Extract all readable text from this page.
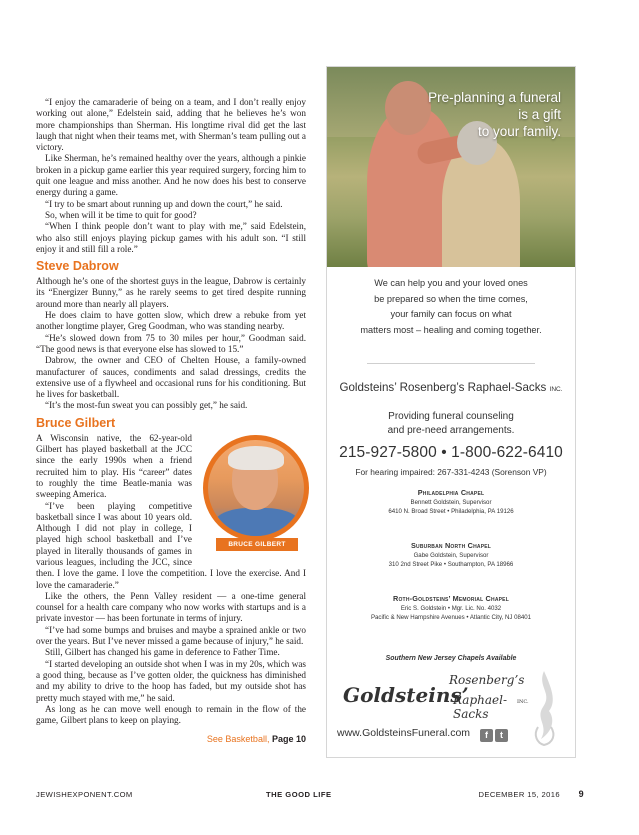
“I enjoy the camaraderie of being on a team, and I don’t really enjoy working out alone,” Edelstein said, adding that he believes he’s won more championships than Sherman. His longtime rival did get the last laugh that night when their teams met, with Sherman’s team pulling out a victory.

Like Sherman, he’s remained healthy over the years, although a pinkie broken in a pickup game earlier this year required surgery, forcing him to quit one league and miss another. And he now does his best to conserve energy during a game.

“I try to be smart about running up and down the court,” he said.

So, when will it be time to quit for good?

“When I think people don’t want to play with me,” said Edelstein, who also still enjoys playing pickup games with his adult son. “I still enjoy it and still fill a role.”

Steve Dabrow

Although he’s one of the shortest guys in the league, Dabrow is certainly its “Energizer Bunny,” as he rarely seems to get tired despite running around more than nearly all players.

He does claim to have gotten slow, which drew a rebuke from yet another longtime player, Greg Goodman, who was standing nearby.

“He’s slowed down from 75 to 30 miles per hour,” Goodman said. “The good news is that everyone else has slowed to 15.”

Dabrow, the owner and CEO of Chelten House, a family-owned manufacturer of sauces, condiments and salad dressings, credits the extensive use of a flywheel and occasional runs for his conditioning. But he lives for basketball.

“It’s the most-fun sweat you can possibly get,” he said.

Bruce Gilbert
BRUCE GILBERT

A Wisconsin native, the 62-year-old Gilbert has played basketball at the JCC since the early 1990s when a friend recruited him to play. His “career” dates to roughly the time Beatle-mania was sweeping America.

“I’ve been playing competitive basketball since I was about 10 years old. Although I did not play in college, I played high school basketball and I’ve played in literally thousands of games in various leagues, including the JCC, since then. I love the game. I love the competition. I love the exercise. And I love the camaraderie.”

Like the others, the Penn Valley resident — a one-time general counsel for a health care company who now works with startups and is a private investor — has been fortunate in terms of injury.

“I’ve had some bumps and bruises and maybe a sprained ankle or two over the years. But I’ve never missed a game because of injury,” he said.

Still, Gilbert has changed his game in deference to Father Time.

“I started developing an outside shot when I was in my 20s, which was a good thing, because as I’ve gotten older, the quickness has diminished and my ability to drive to the hoop has faded, but my outside shot has pretty much stayed with me,” he said.

As long as he can move well enough to remain in the flow of the game, Gilbert plans to keep on playing.

See Basketball, Page 10
Pre-planning a funeral
is a gift
to your family.
We can help you and your loved ones
be prepared so when the time comes,
your family can focus on what
matters most – healing and coming together.
Goldsteins’ Rosenberg’s Raphael-Sacks INC.
Providing funeral counseling
and pre-need arrangements.
215-927-5800 • 1-800-622-6410
For hearing impaired: 267-331-4243 (Sorenson VP)
Philadelphia Chapel
Bennett Goldstein, Supervisor
6410 N. Broad Street • Philadelphia, PA 19126
Suburban North Chapel
Gabe Goldstein, Supervisor
310 2nd Street Pike • Southampton, PA 18966
Roth-Goldsteins’ Memorial Chapel
Eric S. Goldstein • Mgr. Lic. No. 4032
Pacific & New Hampshire Avenues • Atlantic City, NJ 08401
Southern New Jersey Chapels Available
Goldsteins’
Rosenberg’s
Raphael-Sacks
INC.
www.GoldsteinsFuneral.com	f t
JEWISHEXPONENT.COM	THE GOOD LIFE	DECEMBER 15, 2016 9
